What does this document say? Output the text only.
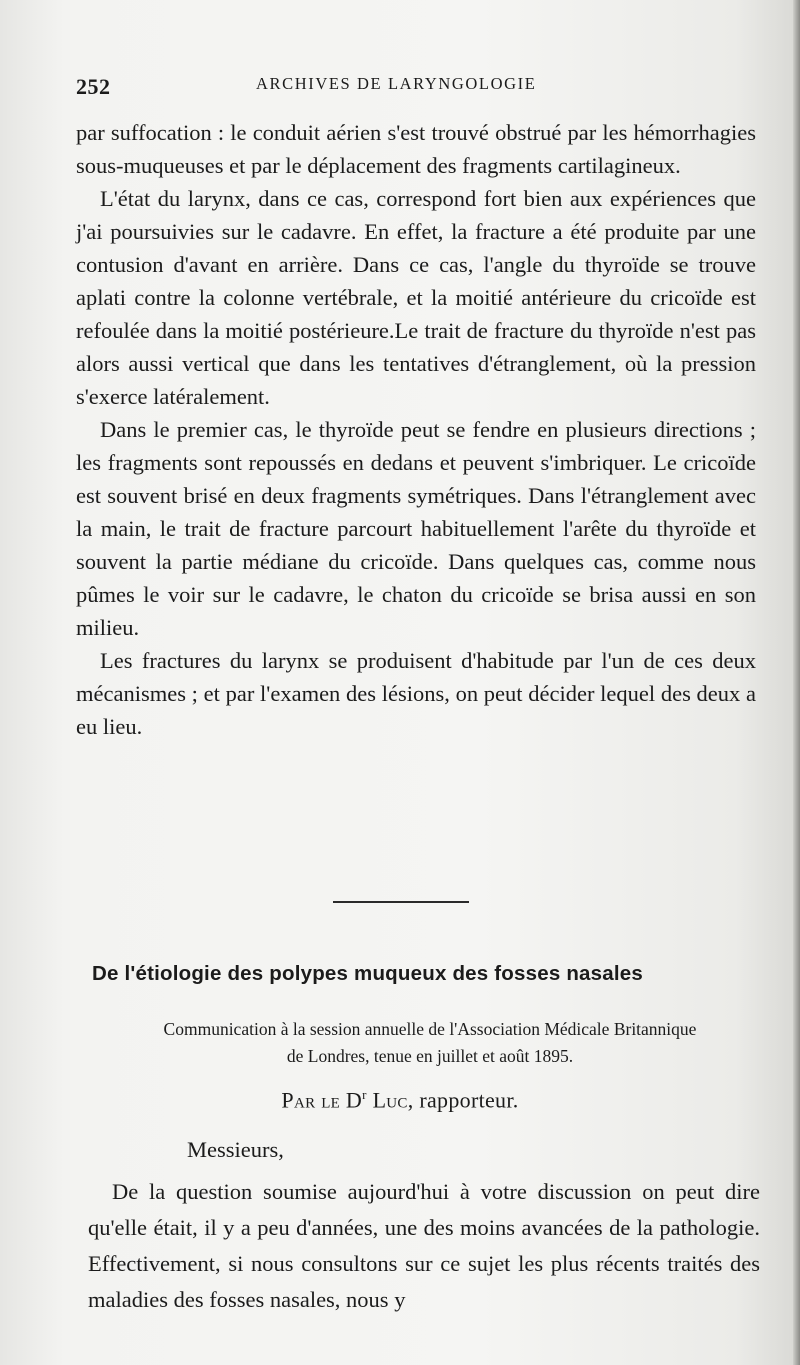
252	ARCHIVES DE LARYNGOLOGIE

par suffocation : le conduit aérien s'est trouvé obstrué par les hémorrhagies sous-muqueuses et par le déplacement des fragments cartilagineux.

L'état du larynx, dans ce cas, correspond fort bien aux expériences que j'ai poursuivies sur le cadavre. En effet, la fracture a été produite par une contusion d'avant en arrière. Dans ce cas, l'angle du thyroïde se trouve aplati contre la colonne vertébrale, et la moitié antérieure du cricoïde est refoulée dans la moitié postérieure.Le trait de fracture du thyroïde n'est pas alors aussi vertical que dans les tentatives d'étranglement, où la pression s'exerce latéralement.

Dans le premier cas, le thyroïde peut se fendre en plusieurs directions ; les fragments sont repoussés en dedans et peuvent s'imbriquer. Le cricoïde est souvent brisé en deux fragments symétriques. Dans l'étranglement avec la main, le trait de fracture parcourt habituellement l'arête du thyroïde et souvent la partie médiane du cricoïde. Dans quelques cas, comme nous pûmes le voir sur le cadavre, le chaton du cricoïde se brisa aussi en son milieu.

Les fractures du larynx se produisent d'habitude par l'un de ces deux mécanismes ; et par l'examen des lésions, on peut décider lequel des deux a eu lieu.

De l'étiologie des polypes muqueux des fosses nasales
Communication à la session annuelle de l'Association Médicale Britannique
de Londres, tenue en juillet et août 1895.
Par le $D^r$ Luc, rapporteur.
Messieurs,

De la question soumise aujourd'hui à votre discussion on peut dire qu'elle était, il y a peu d'années, une des moins avancées de la pathologie. Effectivement, si nous consultons sur ce sujet les plus récents traités des maladies des fosses nasales, nous y
